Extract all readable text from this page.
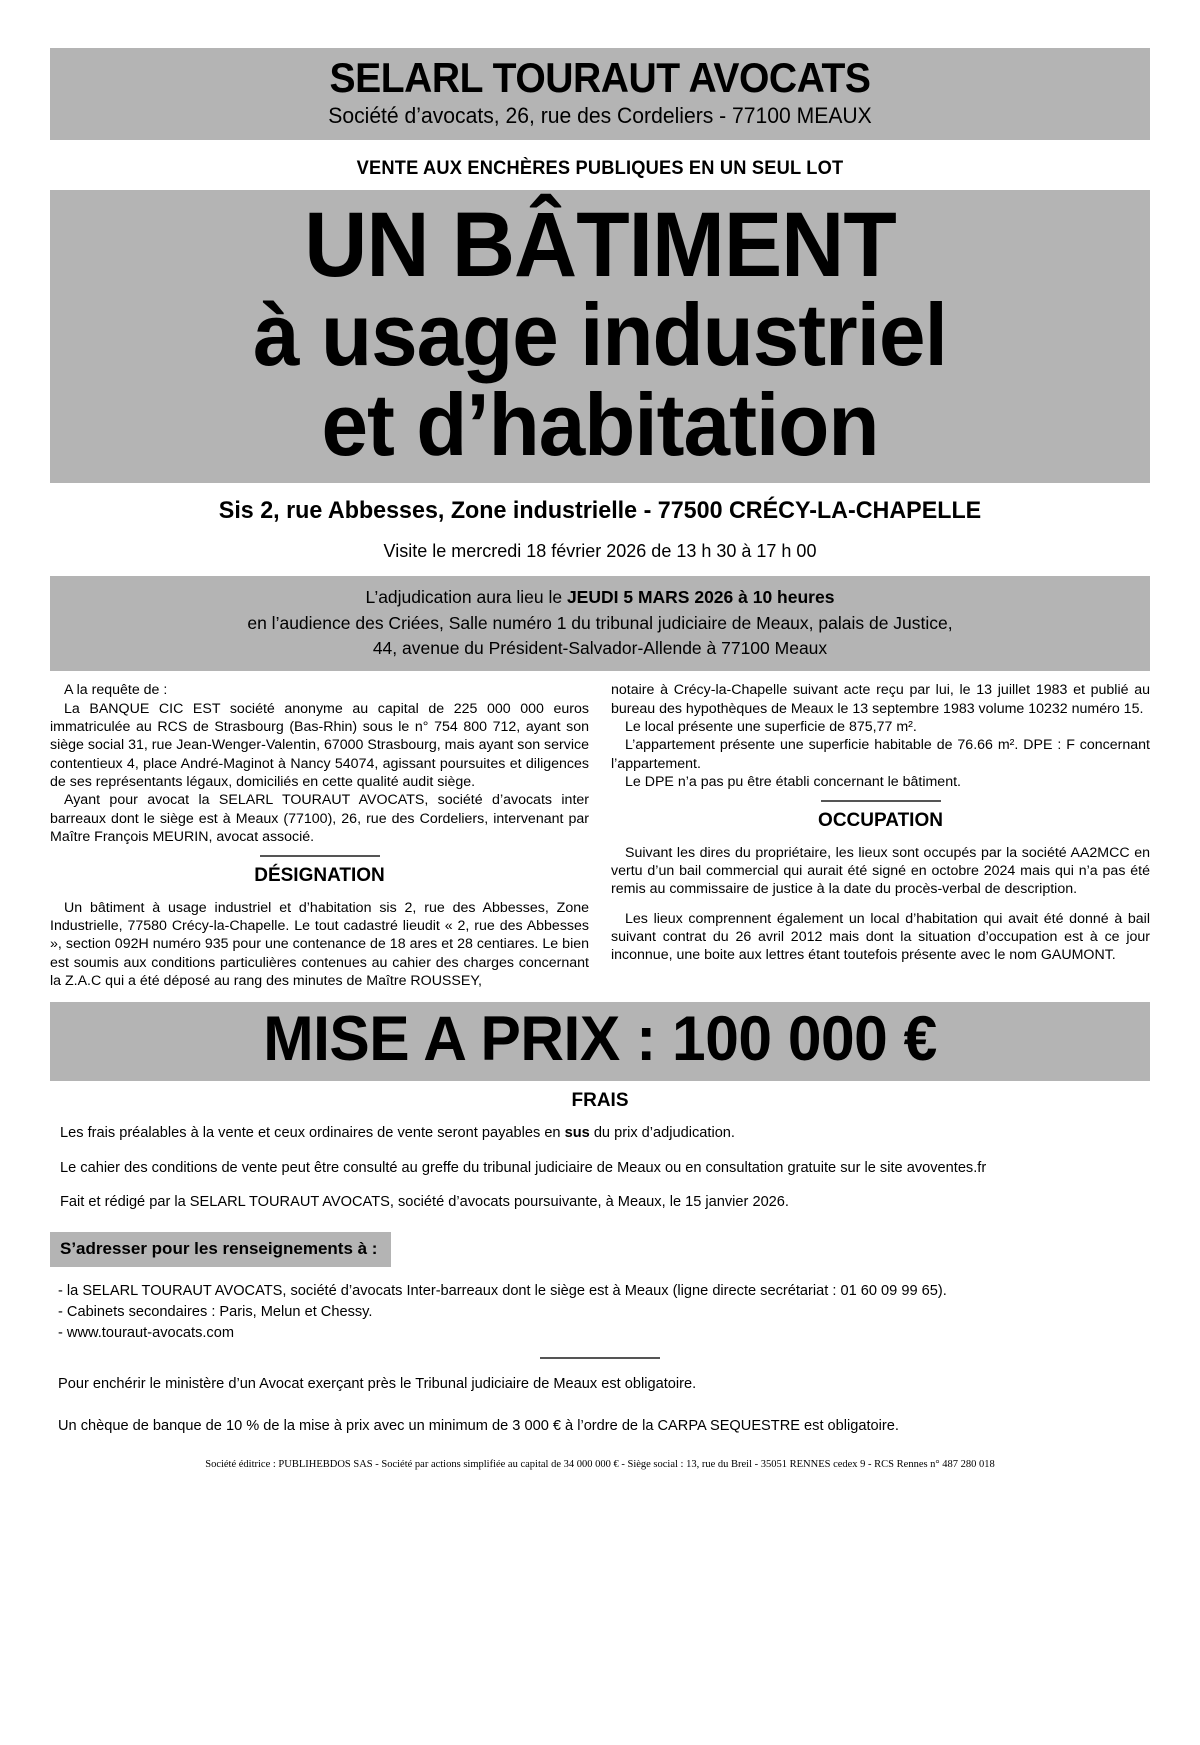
SELARL TOURAUT AVOCATS
Société d’avocats, 26, rue des Cordeliers - 77100 MEAUX
VENTE AUX ENCHÈRES PUBLIQUES EN UN SEUL LOT
UN BÂTIMENT
à usage industriel
et d’habitation
Sis 2, rue Abbesses, Zone industrielle - 77500 CRÉCY-LA-CHAPELLE
Visite le mercredi 18 février 2026 de 13 h 30 à 17 h 00
L’adjudication aura lieu le JEUDI 5 MARS 2026 à 10 heures
en l’audience des Criées, Salle numéro 1 du tribunal judiciaire de Meaux, palais de Justice,
44, avenue du Président-Salvador-Allende à 77100 Meaux

A la requête de :

La BANQUE CIC EST société anonyme au capital de 225 000 000 euros immatriculée au RCS de Strasbourg (Bas-Rhin) sous le n° 754 800 712, ayant son siège social 31, rue Jean-Wenger-Valentin, 67000 Strasbourg, mais ayant son service contentieux 4, place André-Maginot à Nancy 54074, agissant poursuites et diligences de ses représentants légaux, domiciliés en cette qualité audit siège.

Ayant pour avocat la SELARL TOURAUT AVOCATS, société d’avocats inter barreaux dont le siège est à Meaux (77100), 26, rue des Cordeliers, intervenant par Maître François MEURIN, avocat associé.

DÉSIGNATION

Un bâtiment à usage industriel et d’habitation sis 2, rue des Abbesses, Zone Industrielle, 77580 Crécy-la-Chapelle. Le tout cadastré lieudit « 2, rue des Abbesses », section 092H numéro 935 pour une contenance de 18 ares et 28 centiares. Le bien est soumis aux conditions particulières contenues au cahier des charges concernant la Z.A.C qui a été déposé au rang des minutes de Maître ROUSSEY,

notaire à Crécy-la-Chapelle suivant acte reçu par lui, le 13 juillet 1983 et publié au bureau des hypothèques de Meaux le 13 septembre 1983 volume 10232 numéro 15.

Le local présente une superficie de 875,77 m².

L’appartement présente une superficie habitable de 76.66 m². DPE : F concernant l’appartement.

Le DPE n’a pas pu être établi concernant le bâtiment.

OCCUPATION

Suivant les dires du propriétaire, les lieux sont occupés par la société AA2MCC en vertu d’un bail commercial qui aurait été signé en octobre 2024 mais qui n’a pas été remis au commissaire de justice à la date du procès-verbal de description.

Les lieux comprennent également un local d’habitation qui avait été donné à bail suivant contrat du 26 avril 2012 mais dont la situation d’occupation est à ce jour inconnue, une boite aux lettres étant toutefois présente avec le nom GAUMONT.

MISE A PRIX : 100 000 €
FRAIS

Les frais préalables à la vente et ceux ordinaires de vente seront payables en sus du prix d’adjudication.

Le cahier des conditions de vente peut être consulté au greffe du tribunal judiciaire de Meaux ou en consultation gratuite sur le site avoventes.fr

Fait et rédigé par la SELARL TOURAUT AVOCATS, société d’avocats poursuivante, à Meaux, le 15 janvier 2026.

S’adresser pour les renseignements à :
- la SELARL TOURAUT AVOCATS, société d’avocats Inter-barreaux dont le siège est à Meaux (ligne directe secrétariat : 01 60 09 99 65).
- Cabinets secondaires : Paris, Melun et Chessy.
- www.touraut-avocats.com

Pour enchérir le ministère d’un Avocat exerçant près le Tribunal judiciaire de Meaux est obligatoire.

Un chèque de banque de 10 % de la mise à prix avec un minimum de 3 000 € à l’ordre de la CARPA SEQUESTRE est obligatoire.

Société éditrice : PUBLIHEBDOS SAS - Société par actions simplifiée au capital de 34 000 000 € - Siège social : 13, rue du Breil - 35051 RENNES cedex 9 - RCS Rennes n° 487 280 018
